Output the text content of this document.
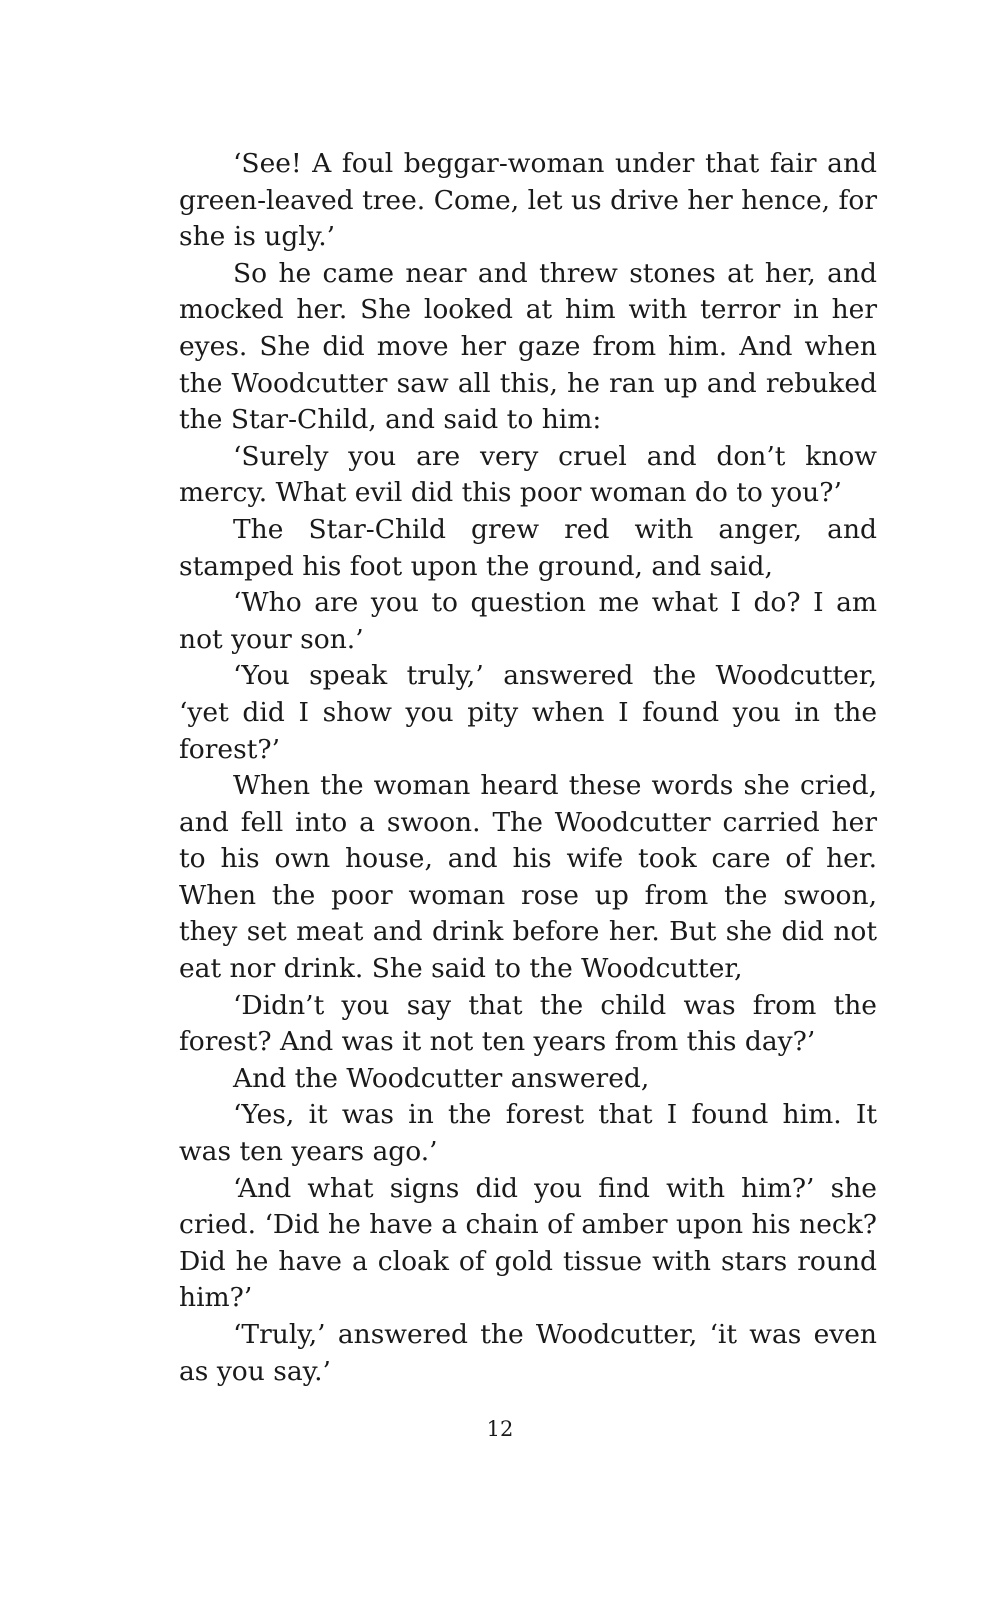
‘See! A foul beggar-woman under that fair and green-leaved tree. Come, let us drive her hence, for she is ugly.’

So he came near and threw stones at her, and mocked her. She looked at him with terror in her eyes. She did move her gaze from him. And when the Woodcutter saw all this, he ran up and rebuked the Star-Child, and said to him:

‘Surely you are very cruel and don’t know mercy. What evil did this poor woman do to you?’

The Star-Child grew red with anger, and stamped his foot upon the ground, and said,

‘Who are you to question me what I do? I am not your son.’

‘You speak truly,’ answered the Woodcutter, ‘yet did I show you pity when I found you in the forest?’

When the woman heard these words she cried, and fell into a swoon. The Woodcutter carried her to his own house, and his wife took care of her. When the poor woman rose up from the swoon, they set meat and drink before her. But she did not eat nor drink. She said to the Woodcutter,

‘Didn’t you say that the child was from the forest? And was it not ten years from this day?’

And the Woodcutter answered,

‘Yes, it was in the forest that I found him. It was ten years ago.’

‘And what signs did you find with him?’ she cried. ‘Did he have a chain of amber upon his neck? Did he have a cloak of gold tissue with stars round him?’

‘Truly,’ answered the Woodcutter, ‘it was even as you say.’

12
